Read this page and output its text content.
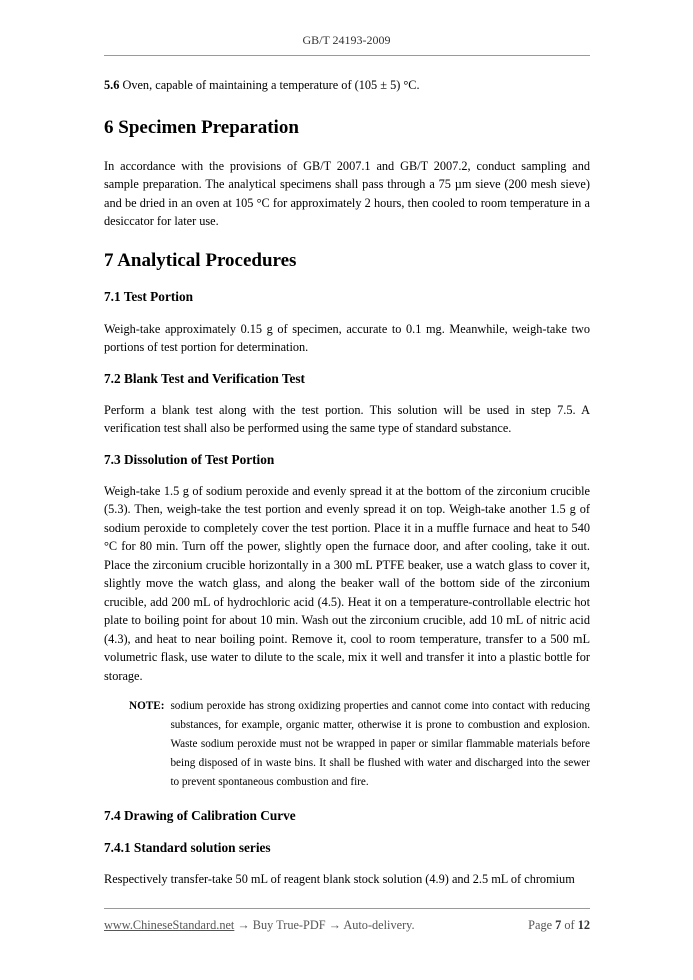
GB/T 24193-2009

5.6 Oven, capable of maintaining a temperature of (105 ± 5) °C.

6 Specimen Preparation

In accordance with the provisions of GB/T 2007.1 and GB/T 2007.2, conduct sampling and sample preparation. The analytical specimens shall pass through a 75 µm sieve (200 mesh sieve) and be dried in an oven at 105 °C for approximately 2 hours, then cooled to room temperature in a desiccator for later use.

7 Analytical Procedures
7.1 Test Portion

Weigh-take approximately 0.15 g of specimen, accurate to 0.1 mg. Meanwhile, weigh-take two portions of test portion for determination.

7.2 Blank Test and Verification Test

Perform a blank test along with the test portion. This solution will be used in step 7.5. A verification test shall also be performed using the same type of standard substance.

7.3 Dissolution of Test Portion

Weigh-take 1.5 g of sodium peroxide and evenly spread it at the bottom of the zirconium crucible (5.3). Then, weigh-take the test portion and evenly spread it on top. Weigh-take another 1.5 g of sodium peroxide to completely cover the test portion. Place it in a muffle furnace and heat to 540 °C for 80 min. Turn off the power, slightly open the furnace door, and after cooling, take it out. Place the zirconium crucible horizontally in a 300 mL PTFE beaker, use a watch glass to cover it, slightly move the watch glass, and along the beaker wall of the bottom side of the zirconium crucible, add 200 mL of hydrochloric acid (4.5). Heat it on a temperature-controllable electric hot plate to boiling point for about 10 min. Wash out the zirconium crucible, add 10 mL of nitric acid (4.3), and heat to near boiling point. Remove it, cool to room temperature, transfer to a 500 mL volumetric flask, use water to dilute to the scale, mix it well and transfer it into a plastic bottle for storage.

NOTE: sodium peroxide has strong oxidizing properties and cannot come into contact with reducing substances, for example, organic matter, otherwise it is prone to combustion and explosion. Waste sodium peroxide must not be wrapped in paper or similar flammable materials before being disposed of in waste bins. It shall be flushed with water and discharged into the sewer to prevent spontaneous combustion and fire.
7.4 Drawing of Calibration Curve
7.4.1 Standard solution series

Respectively transfer-take 50 mL of reagent blank stock solution (4.9) and 2.5 mL of chromium

www.ChineseStandard.net → Buy True-PDF → Auto-delivery.	Page 7 of 12
